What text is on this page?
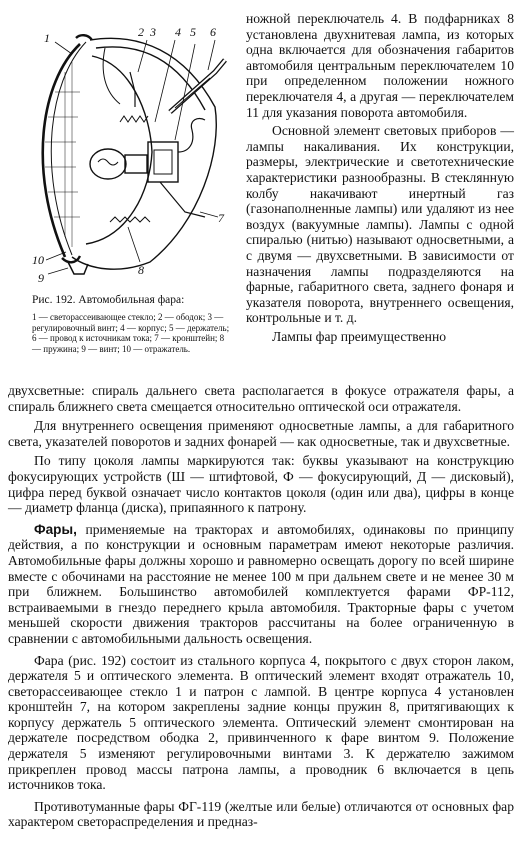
1	2 3 4 5 6
7
8
9
10
Рис. 192. Автомобильная фара:
1 — светорассеивающее стекло; 2 — ободок; 3 — регулировочный винт; 4 — корпус; 5 — держатель; 6 — провод к источникам тока; 7 — кронштейн; 8 — пружина; 9 — винт; 10 — отражатель.

ножной переключатель 4. В подфарниках 8 установлена двухнитевая лампа, из которых одна включается для обозначения габаритов автомобиля центральным переключателем 10 при определенном положении ножного переключателя 4, а другая — переключателем 11 для указания поворота автомобиля.

Основной элемент световых приборов — лампы накаливания. Их конструкции, размеры, электрические и светотехнические характеристики разнообразны. В стеклянную колбу накачивают инертный газ (газонаполненные лампы) или удаляют из нее воздух (вакуумные лампы). Лампы с одной спиралью (нитью) называют односветными, а с двумя — двухсветными. В зависимости от назначения лампы подразделяются на фарные, габаритного света, заднего фонаря и указателя поворота, внутреннего освещения, контрольные и т. д.

Лампы фар преимущественно

двухсветные: спираль дальнего света располагается в фокусе отражателя фары, а спираль ближнего света смещается относительно оптической оси отражателя.

Для внутреннего освещения применяют односветные лампы, а для габаритного света, указателей поворотов и задних фонарей — как односветные, так и двухсветные.

По типу цоколя лампы маркируются так: буквы указывают на конструкцию фокусирующих устройств (Ш — штифтовой, Ф — фокусирующий, Д — дисковый), цифра перед буквой означает число контактов цоколя (один или два), цифры в конце — диаметр фланца (диска), припаянного к патрону.

Фары, применяемые на тракторах и автомобилях, одинаковы по принципу действия, а по конструкции и основным параметрам имеют некоторые различия. Автомобильные фары должны хорошо и равномерно освещать дорогу по всей ширине вместе с обочинами на расстояние не менее 100 м при дальнем свете и не менее 30 м при ближнем. Большинство автомобилей комплектуется фарами ФР-112, встраиваемыми в гнездо переднего крыла автомобиля. Тракторные фары с учетом меньшей скорости движения тракторов рассчитаны на более ограниченную в сравнении с автомобильными дальность освещения.

Фара (рис. 192) состоит из стального корпуса 4, покрытого с двух сторон лаком, держателя 5 и оптического элемента. В оптический элемент входят отражатель 10, светорассеивающее стекло 1 и патрон с лампой. В центре корпуса 4 установлен кронштейн 7, на котором закреплены задние концы пружин 8, притягивающих к корпусу держатель 5 оптического элемента. Оптический элемент смонтирован на держателе посредством ободка 2, привинченного к фаре винтом 9. Положение держателя 5 изменяют регулировочными винтами 3. К держателю зажимом прикреплен провод массы патрона лампы, а проводник 6 включается в цепь источников тока.

Противотуманные фары ФГ-119 (желтые или белые) отличаются от основных фар характером светораспределения и предназ-
